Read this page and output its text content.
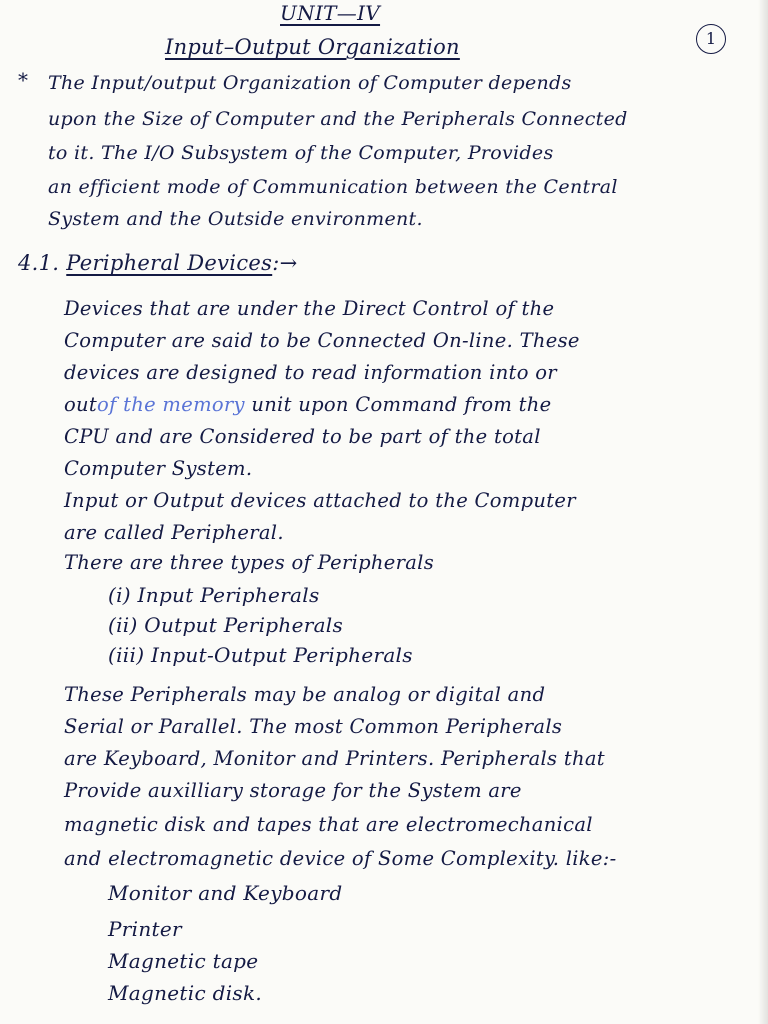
UNIT—IV
1
Input–Output Organization
* The Input/output Organization of Computer depends
upon the Size of Computer and the Peripherals Connected
to it. The I/O Subsystem of the Computer, Provides
an efficient mode of Communication between the Central
System and the Outside environment.
4.1. Peripheral Devices:→
Devices that are under the Direct Control of the
Computer are said to be Connected On-line. These
devices are designed to read information into or
outof the memory unit upon Command from the
CPU and are Considered to be part of the total
Computer System.
Input or Output devices attached to the Computer
are called Peripheral.
There are three types of Peripherals
(i) Input Peripherals
(ii) Output Peripherals
(iii) Input-Output Peripherals
These Peripherals may be analog or digital and
Serial or Parallel. The most Common Peripherals
are Keyboard, Monitor and Printers. Peripherals that
Provide auxilliary storage for the System are
magnetic disk and tapes that are electromechanical
and electromagnetic device of Some Complexity. like:-
Monitor and Keyboard
Printer
Magnetic tape
Magnetic disk.
